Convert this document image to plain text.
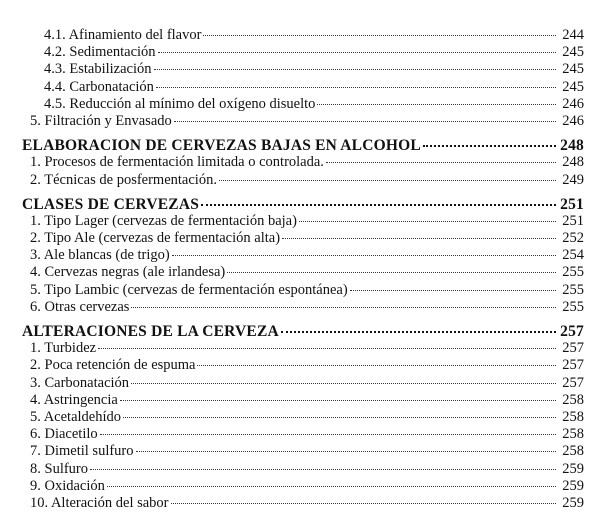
4.1. Afinamiento del flavor	244
4.2. Sedimentación	245
4.3. Estabilización	245
4.4. Carbonatación	245
4.5. Reducción al mínimo del oxígeno disuelto	246
5. Filtración y Envasado	246
ELABORACION DE CERVEZAS BAJAS EN ALCOHOL	248
1. Procesos de fermentación limitada o controlada.	248
2. Técnicas de posfermentación.	249
CLASES DE CERVEZAS	251
1. Tipo Lager (cervezas de fermentación baja)	251
2. Tipo Ale (cervezas de fermentación alta)	252
3. Ale blancas (de trigo)	254
4. Cervezas negras (ale irlandesa)	255
5. Tipo Lambic (cervezas de fermentación espontánea)	255
6. Otras cervezas	255
ALTERACIONES DE LA CERVEZA	257
1. Turbidez	257
2. Poca retención de espuma	257
3. Carbonatación	257
4. Astringencia	258
5. Acetaldehído	258
6. Diacetilo	258
7. Dimetil sulfuro	258
8. Sulfuro	259
9. Oxidación	259
10. Alteración del sabor	259
